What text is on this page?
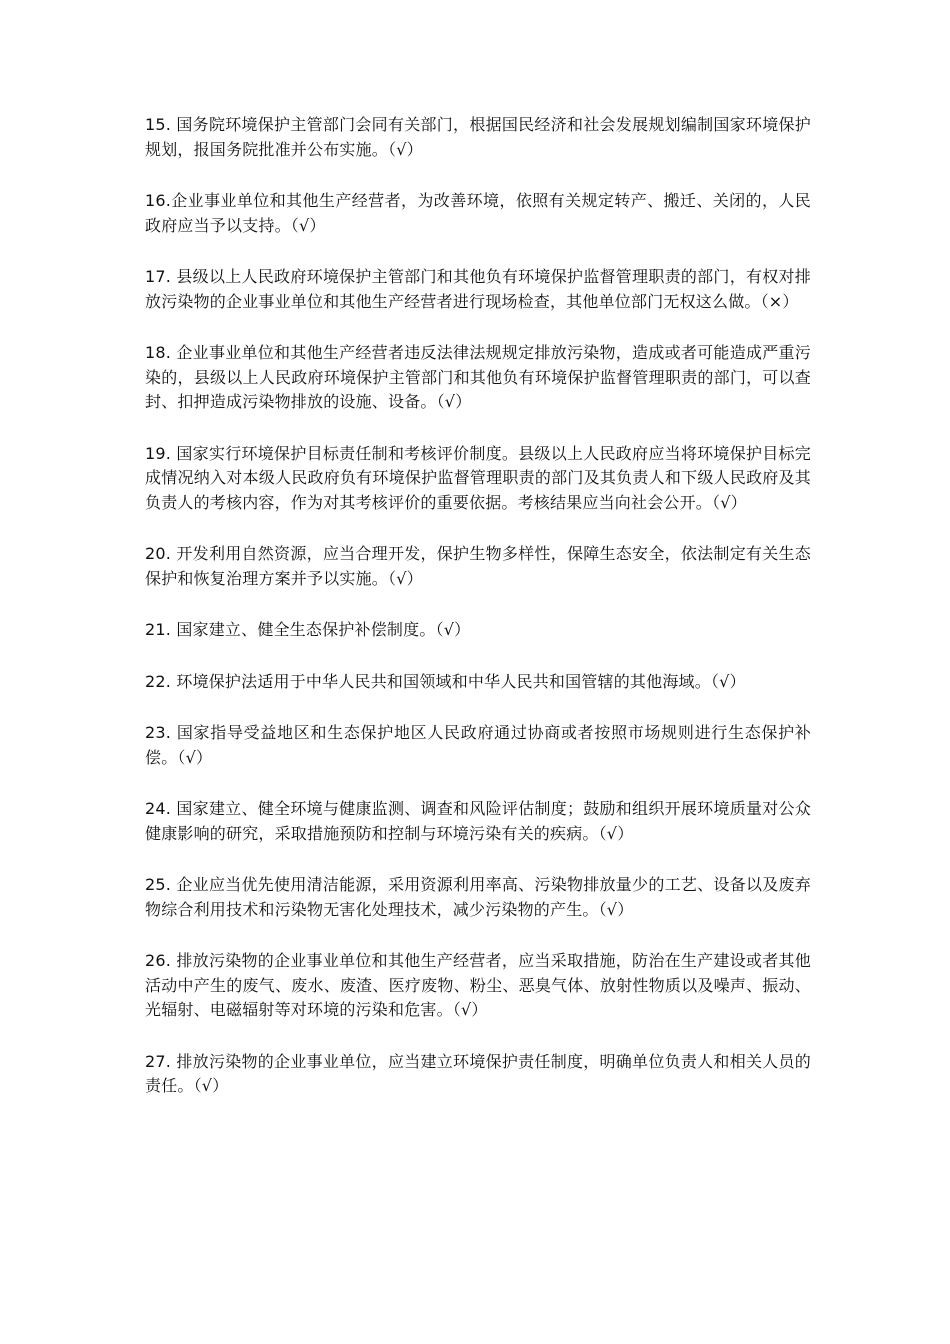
15. 国务院环境保护主管部门会同有关部门，根据国民经济和社会发展规划编制国家环境保护规划，报国务院批准并公布实施。（√）

16.企业事业单位和其他生产经营者，为改善环境，依照有关规定转产、搬迁、关闭的，人民政府应当予以支持。（√）

17. 县级以上人民政府环境保护主管部门和其他负有环境保护监督管理职责的部门，有权对排放污染物的企业事业单位和其他生产经营者进行现场检查，其他单位部门无权这么做。（×）

18. 企业事业单位和其他生产经营者违反法律法规规定排放污染物，造成或者可能造成严重污染的，县级以上人民政府环境保护主管部门和其他负有环境保护监督管理职责的部门，可以查封、扣押造成污染物排放的设施、设备。（√）

19. 国家实行环境保护目标责任制和考核评价制度。县级以上人民政府应当将环境保护目标完成情况纳入对本级人民政府负有环境保护监督管理职责的部门及其负责人和下级人民政府及其负责人的考核内容，作为对其考核评价的重要依据。考核结果应当向社会公开。（√）

20. 开发利用自然资源，应当合理开发，保护生物多样性，保障生态安全，依法制定有关生态保护和恢复治理方案并予以实施。（√）

21. 国家建立、健全生态保护补偿制度。（√）

22. 环境保护法适用于中华人民共和国领域和中华人民共和国管辖的其他海域。（√）

23. 国家指导受益地区和生态保护地区人民政府通过协商或者按照市场规则进行生态保护补偿。（√）

24. 国家建立、健全环境与健康监测、调查和风险评估制度；鼓励和组织开展环境质量对公众健康影响的研究，采取措施预防和控制与环境污染有关的疾病。（√）

25. 企业应当优先使用清洁能源，采用资源利用率高、污染物排放量少的工艺、设备以及废弃物综合利用技术和污染物无害化处理技术，减少污染物的产生。（√）

26. 排放污染物的企业事业单位和其他生产经营者，应当采取措施，防治在生产建设或者其他活动中产生的废气、废水、废渣、医疗废物、粉尘、恶臭气体、放射性物质以及噪声、振动、光辐射、电磁辐射等对环境的污染和危害。（√）

27. 排放污染物的企业事业单位，应当建立环境保护责任制度，明确单位负责人和相关人员的责任。（√）
